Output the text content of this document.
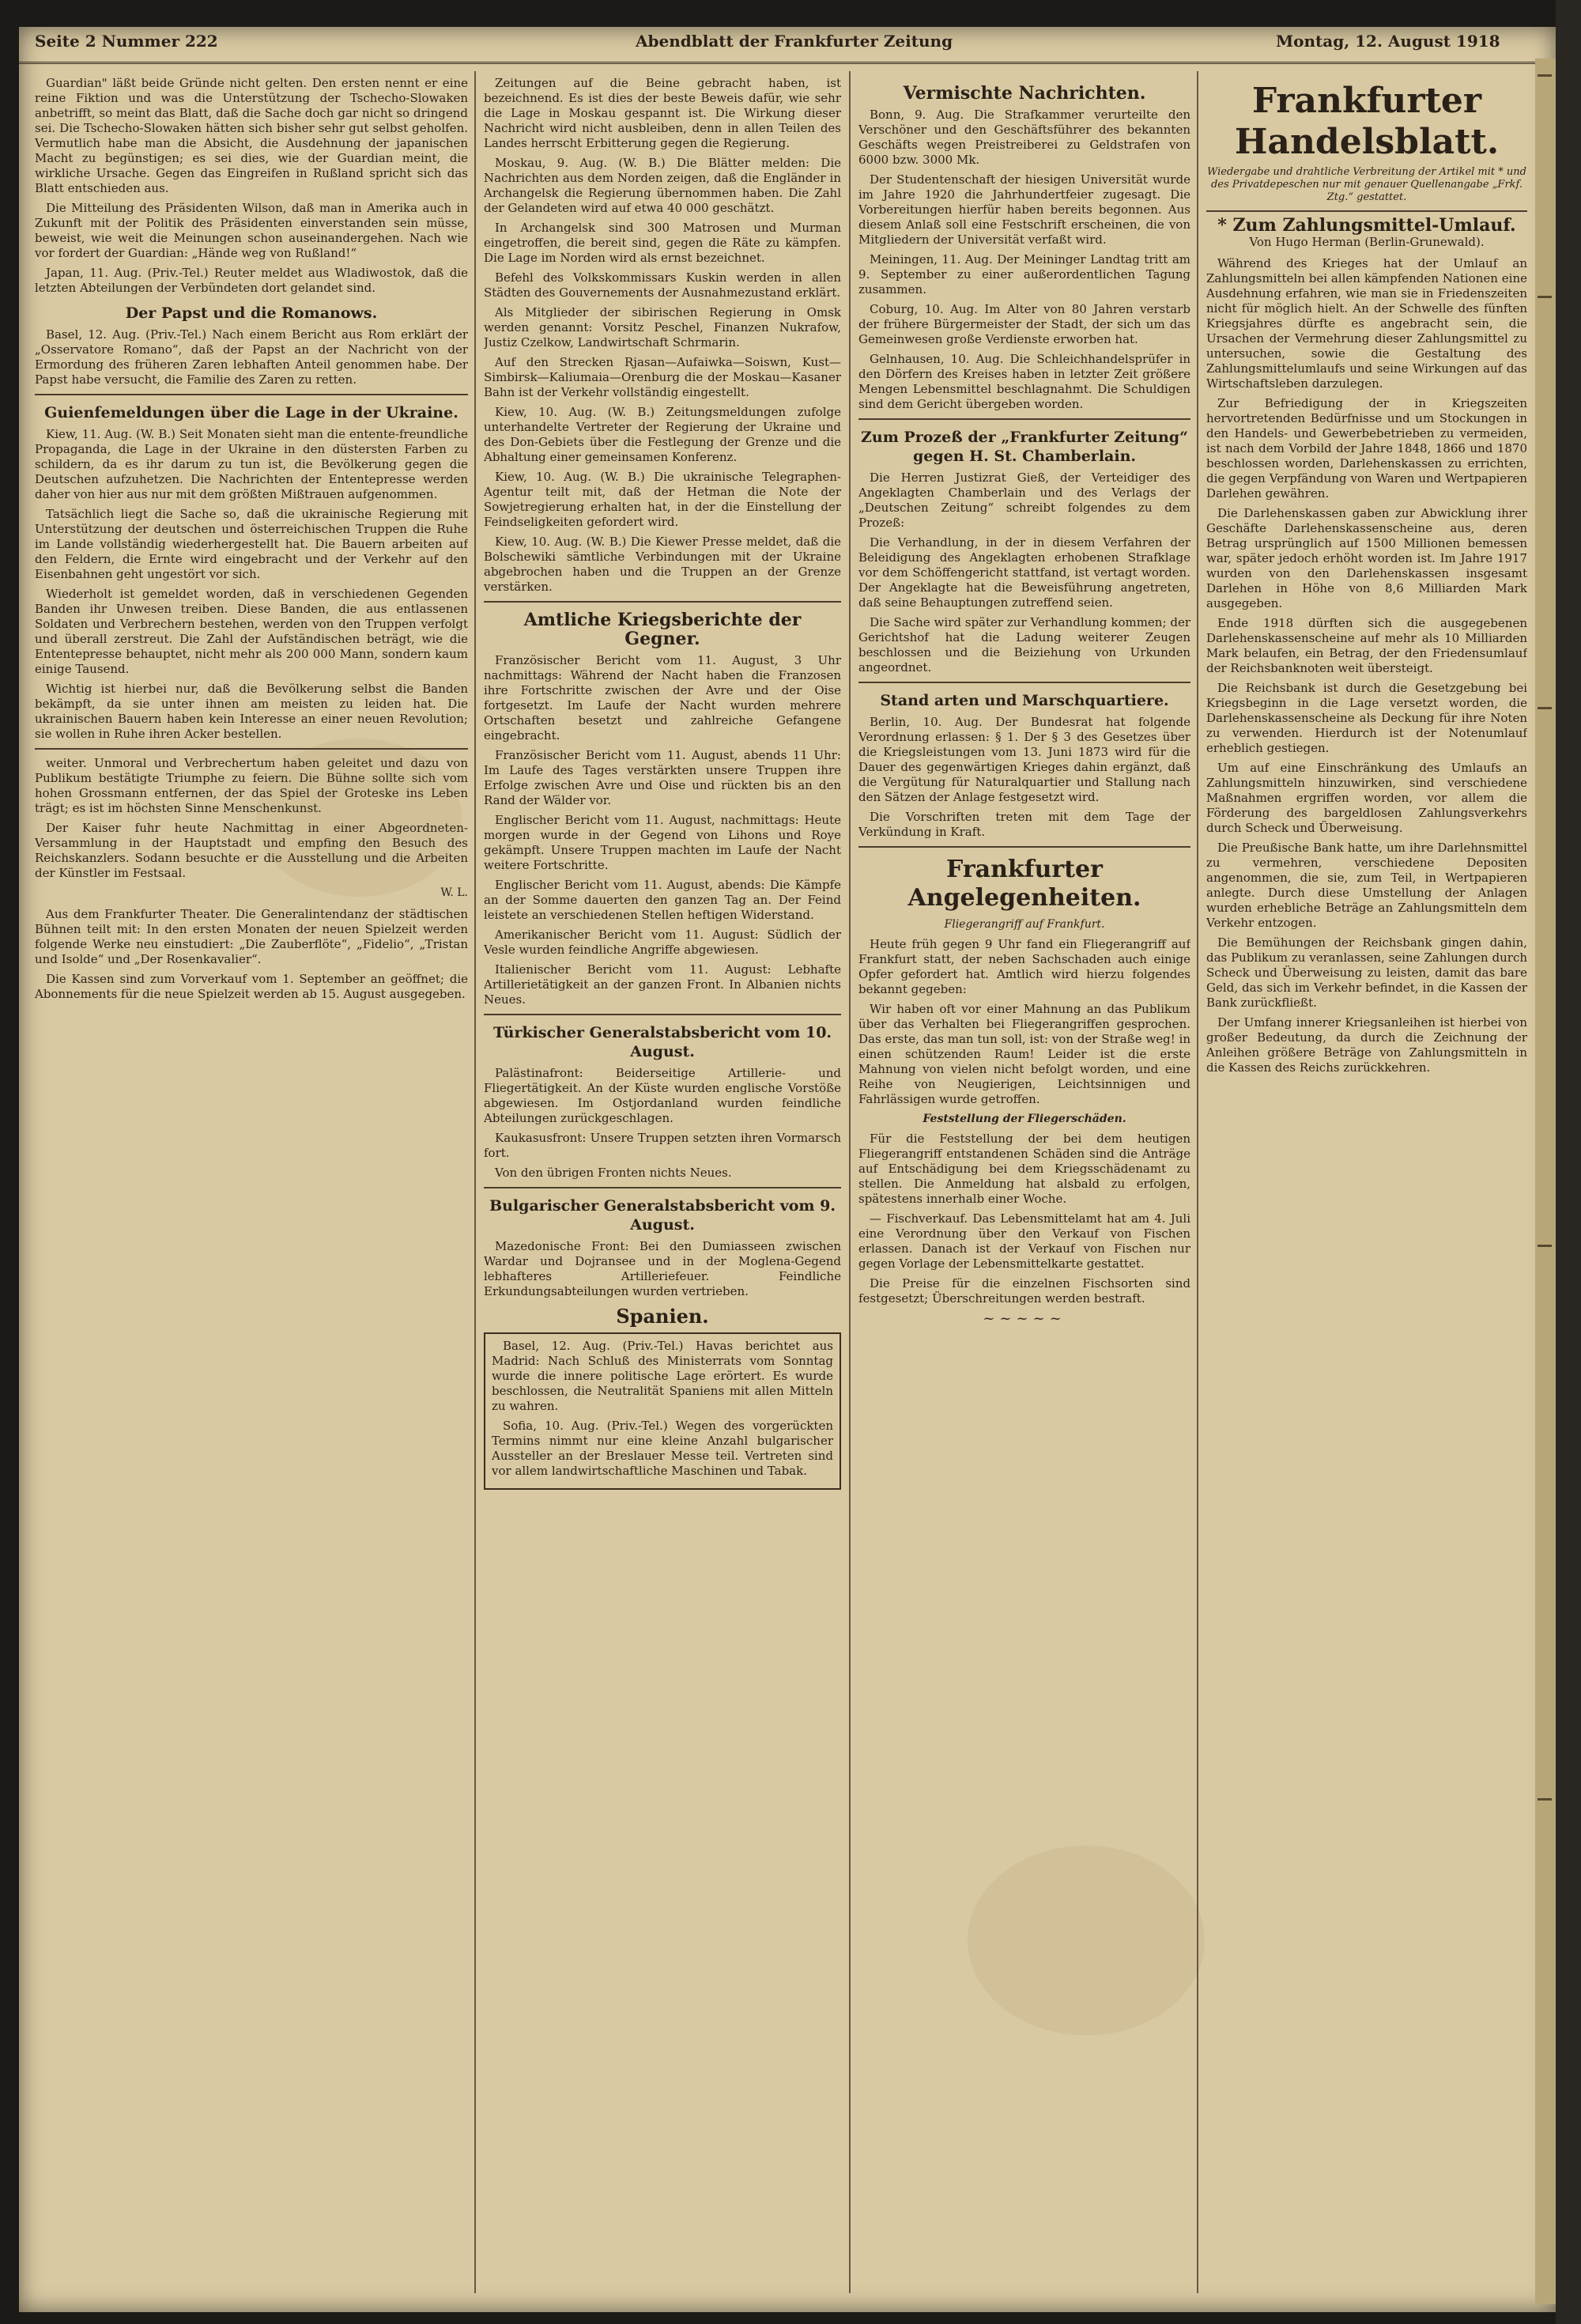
Seite 2 Nummer 222	Abendblatt der Frankfurter Zeitung	Montag, 12. August 1918

Guardian" läßt beide Gründe nicht gelten. Den ersten nennt er eine reine Fiktion und was die Unterstützung der Tschecho-Slowaken anbetrifft, so meint das Blatt, daß die Sache doch gar nicht so dringend sei. Die Tschecho-Slowaken hätten sich bisher sehr gut selbst geholfen. Vermutlich habe man die Absicht, die Ausdehnung der japanischen Macht zu begünstigen; es sei dies, wie der Guardian meint, die wirkliche Ursache. Gegen das Eingreifen in Rußland spricht sich das Blatt entschieden aus.

Die Mitteilung des Präsidenten Wilson, daß man in Amerika auch in Zukunft mit der Politik des Präsidenten einverstanden sein müsse, beweist, wie weit die Meinungen schon auseinandergehen. Nach wie vor fordert der Guardian: „Hände weg von Rußland!“

Japan, 11. Aug. (Priv.-Tel.) Reuter meldet aus Wladiwostok, daß die letzten Abteilungen der Verbündeten dort gelandet sind.

Der Papst und die Romanows.

Basel, 12. Aug. (Priv.-Tel.) Nach einem Bericht aus Rom erklärt der „Osservatore Romano“, daß der Papst an der Nachricht von der Ermordung des früheren Zaren lebhaften Anteil genommen habe. Der Papst habe versucht, die Familie des Zaren zu retten.

Guienfemeldungen über die Lage in der Ukraine.

Kiew, 11. Aug. (W. B.) Seit Monaten sieht man die entente-freundliche Propaganda, die Lage in der Ukraine in den düstersten Farben zu schildern, da es ihr darum zu tun ist, die Bevölkerung gegen die Deutschen aufzuhetzen. Die Nachrichten der Ententepresse werden daher von hier aus nur mit dem größten Mißtrauen aufgenommen.

Tatsächlich liegt die Sache so, daß die ukrainische Regierung mit Unterstützung der deutschen und österreichischen Truppen die Ruhe im Lande vollständig wiederhergestellt hat. Die Bauern arbeiten auf den Feldern, die Ernte wird eingebracht und der Verkehr auf den Eisenbahnen geht ungestört vor sich.

Wiederholt ist gemeldet worden, daß in verschiedenen Gegenden Banden ihr Unwesen treiben. Diese Banden, die aus entlassenen Soldaten und Verbrechern bestehen, werden von den Truppen verfolgt und überall zerstreut. Die Zahl der Aufständischen beträgt, wie die Ententepresse behauptet, nicht mehr als 200 000 Mann, sondern kaum einige Tausend.

Wichtig ist hierbei nur, daß die Bevölkerung selbst die Banden bekämpft, da sie unter ihnen am meisten zu leiden hat. Die ukrainischen Bauern haben kein Interesse an einer neuen Revolution; sie wollen in Ruhe ihren Acker bestellen.

weiter. Unmoral und Verbrechertum haben geleitet und dazu von Publikum bestätigte Triumphe zu feiern. Die Bühne sollte sich vom hohen Grossmann entfernen, der das Spiel der Groteske ins Leben trägt; es ist im höchsten Sinne Menschenkunst.

Der Kaiser fuhr heute Nachmittag in einer Abgeordneten-Versammlung in der Hauptstadt und empfing den Besuch des Reichskanzlers. Sodann besuchte er die Ausstellung und die Arbeiten der Künstler im Festsaal.

W. L.

Aus dem Frankfurter Theater. Die Generalintendanz der städtischen Bühnen teilt mit: In den ersten Monaten der neuen Spielzeit werden folgende Werke neu einstudiert: „Die Zauberflöte“, „Fidelio“, „Tristan und Isolde“ und „Der Rosenkavalier“.

Die Kassen sind zum Vorverkauf vom 1. September an geöffnet; die Abonnements für die neue Spielzeit werden ab 15. August ausgegeben.

Zeitungen auf die Beine gebracht haben, ist bezeichnend. Es ist dies der beste Beweis dafür, wie sehr die Lage in Moskau gespannt ist. Die Wirkung dieser Nachricht wird nicht ausbleiben, denn in allen Teilen des Landes herrscht Erbitterung gegen die Regierung.

Moskau, 9. Aug. (W. B.) Die Blätter melden: Die Nachrichten aus dem Norden zeigen, daß die Engländer in Archangelsk die Regierung übernommen haben. Die Zahl der Gelandeten wird auf etwa 40 000 geschätzt.

In Archangelsk sind 300 Matrosen und Murman eingetroffen, die bereit sind, gegen die Räte zu kämpfen. Die Lage im Norden wird als ernst bezeichnet.

Befehl des Volkskommissars Kuskin werden in allen Städten des Gouvernements der Ausnahmezustand erklärt.

Als Mitglieder der sibirischen Regierung in Omsk werden genannt: Vorsitz Peschel, Finanzen Nukrafow, Justiz Czelkow, Landwirtschaft Schrmarin.

Auf den Strecken Rjasan—Aufaiwka—Soiswn, Kust—Simbirsk—Kaliumaia—Orenburg die der Moskau—Kasaner Bahn ist der Verkehr vollständig eingestellt.

Kiew, 10. Aug. (W. B.) Zeitungsmeldungen zufolge unterhandelte Vertreter der Regierung der Ukraine und des Don-Gebiets über die Festlegung der Grenze und die Abhaltung einer gemeinsamen Konferenz.

Kiew, 10. Aug. (W. B.) Die ukrainische Telegraphen-Agentur teilt mit, daß der Hetman die Note der Sowjetregierung erhalten hat, in der die Einstellung der Feindseligkeiten gefordert wird.

Kiew, 10. Aug. (W. B.) Die Kiewer Presse meldet, daß die Bolschewiki sämtliche Verbindungen mit der Ukraine abgebrochen haben und die Truppen an der Grenze verstärken.

Amtliche Kriegsberichte der Gegner.

Französischer Bericht vom 11. August, 3 Uhr nachmittags: Während der Nacht haben die Franzosen ihre Fortschritte zwischen der Avre und der Oise fortgesetzt. Im Laufe der Nacht wurden mehrere Ortschaften besetzt und zahlreiche Gefangene eingebracht.

Französischer Bericht vom 11. August, abends 11 Uhr: Im Laufe des Tages verstärkten unsere Truppen ihre Erfolge zwischen Avre und Oise und rückten bis an den Rand der Wälder vor.

Englischer Bericht vom 11. August, nachmittags: Heute morgen wurde in der Gegend von Lihons und Roye gekämpft. Unsere Truppen machten im Laufe der Nacht weitere Fortschritte.

Englischer Bericht vom 11. August, abends: Die Kämpfe an der Somme dauerten den ganzen Tag an. Der Feind leistete an verschiedenen Stellen heftigen Widerstand.

Amerikanischer Bericht vom 11. August: Südlich der Vesle wurden feindliche Angriffe abgewiesen.

Italienischer Bericht vom 11. August: Lebhafte Artillerietätigkeit an der ganzen Front. In Albanien nichts Neues.

Türkischer Generalstabsbericht vom 10. August.

Palästinafront: Beiderseitige Artillerie- und Fliegertätigkeit. An der Küste wurden englische Vorstöße abgewiesen. Im Ostjordanland wurden feindliche Abteilungen zurückgeschlagen.

Kaukasusfront: Unsere Truppen setzten ihren Vormarsch fort.

Von den übrigen Fronten nichts Neues.

Bulgarischer Generalstabsbericht vom 9. August.

Mazedonische Front: Bei den Dumiasseen zwischen Wardar und Dojransee und in der Moglena-Gegend lebhafteres Artilleriefeuer. Feindliche Erkundungsabteilungen wurden vertrieben.

Spanien.

Basel, 12. Aug. (Priv.-Tel.) Havas berichtet aus Madrid: Nach Schluß des Ministerrats vom Sonntag wurde die innere politische Lage erörtert. Es wurde beschlossen, die Neutralität Spaniens mit allen Mitteln zu wahren.

Sofia, 10. Aug. (Priv.-Tel.) Wegen des vorgerückten Termins nimmt nur eine kleine Anzahl bulgarischer Aussteller an der Breslauer Messe teil. Vertreten sind vor allem landwirtschaftliche Maschinen und Tabak.

Vermischte Nachrichten.

Bonn, 9. Aug. Die Strafkammer verurteilte den Verschöner und den Geschäftsführer des bekannten Geschäfts wegen Preistreiberei zu Geldstrafen von 6000 bzw. 3000 Mk.

Der Studentenschaft der hiesigen Universität wurde im Jahre 1920 die Jahrhundertfeier zugesagt. Die Vorbereitungen hierfür haben bereits begonnen. Aus diesem Anlaß soll eine Festschrift erscheinen, die von Mitgliedern der Universität verfaßt wird.

Meiningen, 11. Aug. Der Meininger Landtag tritt am 9. September zu einer außerordentlichen Tagung zusammen.

Coburg, 10. Aug. Im Alter von 80 Jahren verstarb der frühere Bürgermeister der Stadt, der sich um das Gemeinwesen große Verdienste erworben hat.

Gelnhausen, 10. Aug. Die Schleichhandelsprüfer in den Dörfern des Kreises haben in letzter Zeit größere Mengen Lebensmittel beschlagnahmt. Die Schuldigen sind dem Gericht übergeben worden.

Zum Prozeß der „Frankfurter Zeitung“ gegen H. St. Chamberlain.

Die Herren Justizrat Gieß, der Verteidiger des Angeklagten Chamberlain und des Verlags der „Deutschen Zeitung“ schreibt folgendes zu dem Prozeß:

Die Verhandlung, in der in diesem Verfahren der Beleidigung des Angeklagten erhobenen Strafklage vor dem Schöffengericht stattfand, ist vertagt worden. Der Angeklagte hat die Beweisführung angetreten, daß seine Behauptungen zutreffend seien.

Die Sache wird später zur Verhandlung kommen; der Gerichtshof hat die Ladung weiterer Zeugen beschlossen und die Beiziehung von Urkunden angeordnet.

Stand arten und Marschquartiere.

Berlin, 10. Aug. Der Bundesrat hat folgende Verordnung erlassen: § 1. Der § 3 des Gesetzes über die Kriegsleistungen vom 13. Juni 1873 wird für die Dauer des gegenwärtigen Krieges dahin ergänzt, daß die Vergütung für Naturalquartier und Stallung nach den Sätzen der Anlage festgesetzt wird.

Die Vorschriften treten mit dem Tage der Verkündung in Kraft.

Frankfurter Angelegenheiten.
Fliegerangriff auf Frankfurt.

Heute früh gegen 9 Uhr fand ein Fliegerangriff auf Frankfurt statt, der neben Sachschaden auch einige Opfer gefordert hat. Amtlich wird hierzu folgendes bekannt gegeben:

Wir haben oft vor einer Mahnung an das Publikum über das Verhalten bei Fliegerangriffen gesprochen. Das erste, das man tun soll, ist: von der Straße weg! in einen schützenden Raum! Leider ist die erste Mahnung von vielen nicht befolgt worden, und eine Reihe von Neugierigen, Leichtsinnigen und Fahrlässigen wurde getroffen.

Feststellung der Fliegerschäden.

Für die Feststellung der bei dem heutigen Fliegerangriff entstandenen Schäden sind die Anträge auf Entschädigung bei dem Kriegsschädenamt zu stellen. Die Anmeldung hat alsbald zu erfolgen, spätestens innerhalb einer Woche.

— Fischverkauf. Das Lebensmittelamt hat am 4. Juli eine Verordnung über den Verkauf von Fischen erlassen. Danach ist der Verkauf von Fischen nur gegen Vorlage der Lebensmittelkarte gestattet.

Die Preise für die einzelnen Fischsorten sind festgesetzt; Überschreitungen werden bestraft.

~~~~~
Frankfurter Handelsblatt.
Wiedergabe und drahtliche Verbreitung der Artikel mit * und des Privatdepeschen nur mit genauer Quellenangabe „Frkf. Ztg.“ gestattet.
* Zum Zahlungsmittel-Umlauf.
Von Hugo Herman (Berlin-Grunewald).

Während des Krieges hat der Umlauf an Zahlungsmitteln bei allen kämpfenden Nationen eine Ausdehnung erfahren, wie man sie in Friedenszeiten nicht für möglich hielt. An der Schwelle des fünften Kriegsjahres dürfte es angebracht sein, die Ursachen der Vermehrung dieser Zahlungsmittel zu untersuchen, sowie die Gestaltung des Zahlungsmittelumlaufs und seine Wirkungen auf das Wirtschaftsleben darzulegen.

Zur Befriedigung der in Kriegszeiten hervortretenden Bedürfnisse und um Stockungen in den Handels- und Gewerbebetrieben zu vermeiden, ist nach dem Vorbild der Jahre 1848, 1866 und 1870 beschlossen worden, Darlehenskassen zu errichten, die gegen Verpfändung von Waren und Wertpapieren Darlehen gewähren.

Die Darlehenskassen gaben zur Abwicklung ihrer Geschäfte Darlehenskassenscheine aus, deren Betrag ursprünglich auf 1500 Millionen bemessen war, später jedoch erhöht worden ist. Im Jahre 1917 wurden von den Darlehenskassen insgesamt Darlehen in Höhe von 8,6 Milliarden Mark ausgegeben.

Ende 1918 dürften sich die ausgegebenen Darlehenskassenscheine auf mehr als 10 Milliarden Mark belaufen, ein Betrag, der den Friedensumlauf der Reichsbanknoten weit übersteigt.

Die Reichsbank ist durch die Gesetzgebung bei Kriegsbeginn in die Lage versetzt worden, die Darlehenskassenscheine als Deckung für ihre Noten zu verwenden. Hierdurch ist der Notenumlauf erheblich gestiegen.

Um auf eine Einschränkung des Umlaufs an Zahlungsmitteln hinzuwirken, sind verschiedene Maßnahmen ergriffen worden, vor allem die Förderung des bargeldlosen Zahlungsverkehrs durch Scheck und Überweisung.

Die Preußische Bank hatte, um ihre Darlehnsmittel zu vermehren, verschiedene Depositen angenommen, die sie, zum Teil, in Wertpapieren anlegte. Durch diese Umstellung der Anlagen wurden erhebliche Beträge an Zahlungsmitteln dem Verkehr entzogen.

Die Bemühungen der Reichsbank gingen dahin, das Publikum zu veranlassen, seine Zahlungen durch Scheck und Überweisung zu leisten, damit das bare Geld, das sich im Verkehr befindet, in die Kassen der Bank zurückfließt.

Der Umfang innerer Kriegsanleihen ist hierbei von großer Bedeutung, da durch die Zeichnung der Anleihen größere Beträge von Zahlungsmitteln in die Kassen des Reichs zurückkehren.
